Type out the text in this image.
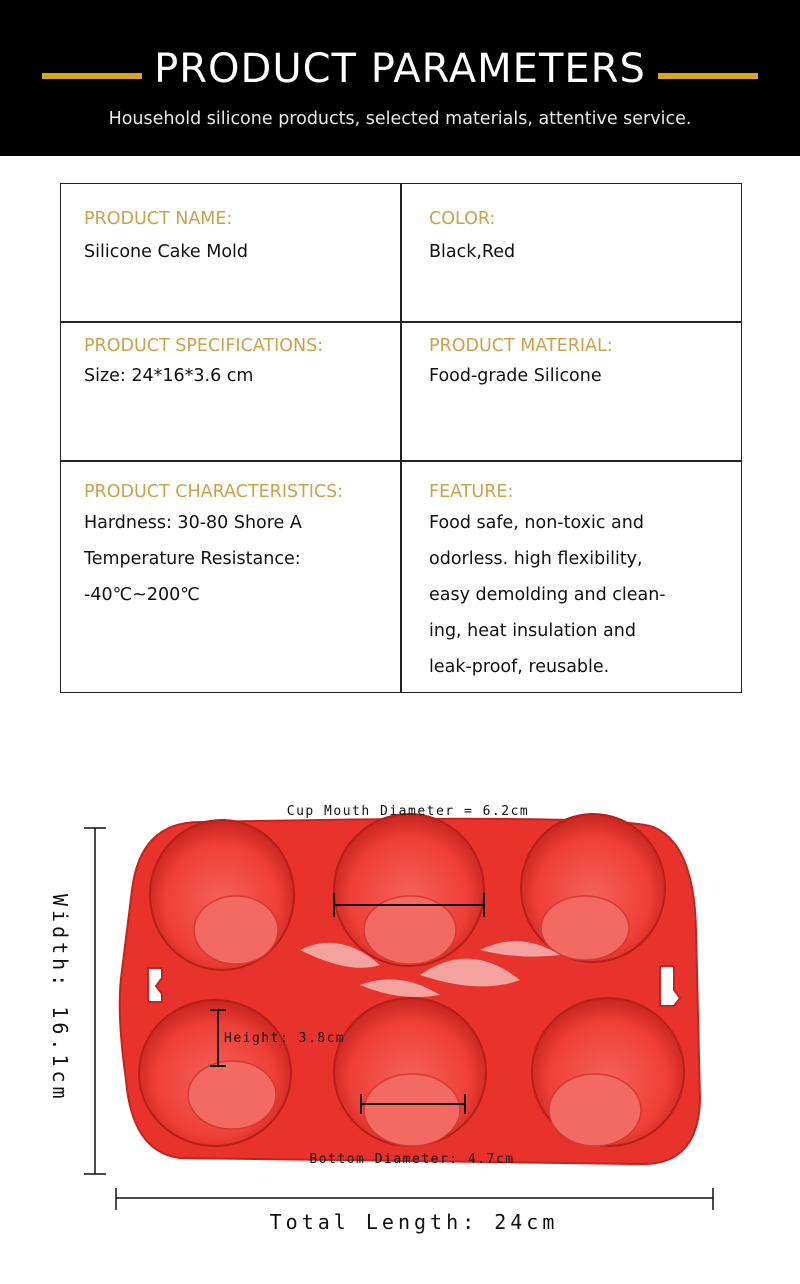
PRODUCT PARAMETERS
Household silicone products, selected materials, attentive service.
PRODUCT NAME:
Silicone Cake Mold
COLOR:
Black,Red
PRODUCT SPECIFICATIONS:
Size: 24*16*3.6 cm
PRODUCT MATERIAL:
Food-grade Silicone
PRODUCT CHARACTERISTICS:
Hardness: 30-80 Shore A
Temperature Resistance:
-40℃~200℃
FEATURE:
Food safe, non-toxic and
odorless. high flexibility,
easy demolding and clean-
ing, heat insulation and
leak-proof, reusable.
Cup Mouth Diameter = 6.2cm
Height: 3.8cm
Bottom Diameter: 4.7cm
Width: 16.1cm
Total Length: 24cm
